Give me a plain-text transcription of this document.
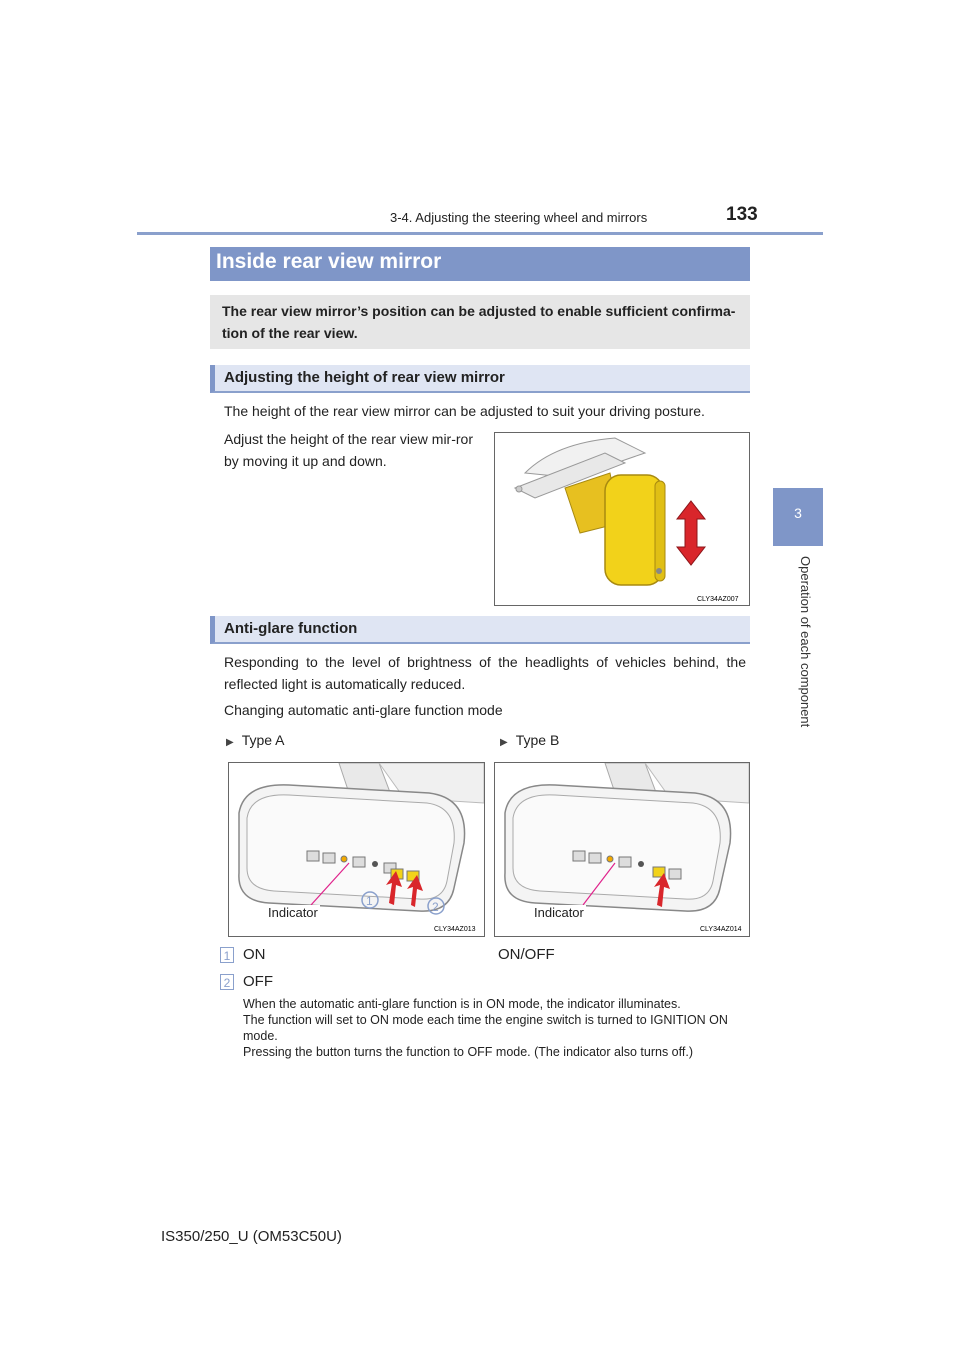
3-4. Adjusting the steering wheel and mirrors	133
3
Operation of each component
Inside rear view mirror
The rear view mirror’s position can be adjusted to enable sufficient confirma-tion of the rear view.
Adjusting the height of rear view mirror
The height of the rear view mirror can be adjusted to suit your driving posture.
Adjust the height of the rear view mir-ror by moving it up and down.
CLY34AZ007
Anti-glare function
Responding to the level of brightness of the headlights of vehicles behind, the reflected light is automatically reduced.
Changing automatic anti-glare function mode
▶ Type A	▶ Type B
1	2
CLY34AZ013
Indicator
CLY34AZ014
Indicator
1 ON	ON/OFF
2 OFF
When the automatic anti-glare function is in ON mode, the indicator illuminates.
The function will set to ON mode each time the engine switch is turned to IGNITION ON mode.
Pressing the button turns the function to OFF mode. (The indicator also turns off.)
IS350/250_U (OM53C50U)
